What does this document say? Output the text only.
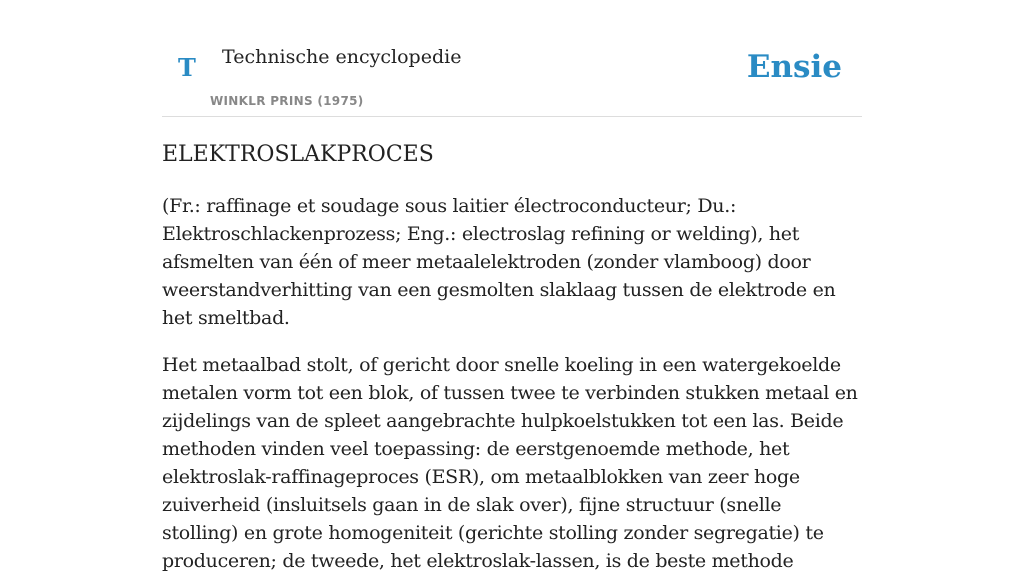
T Technische encyclopedie
WINKLR PRINS (1975)
Ensie
ELEKTROSLAKPROCES

(Fr.: raffinage et soudage sous laitier électroconducteur; Du.: Elektroschlackenprozess; Eng.: electroslag refining or welding), het afsmelten van één of meer metaalelektroden (zonder vlamboog) door weerstandverhitting van een gesmolten slaklaag tussen de elektrode en het smeltbad.

Het metaalbad stolt, of gericht door snelle koeling in een watergekoelde metalen vorm tot een blok, of tussen twee te verbinden stukken metaal en zijdelings van de spleet aangebrachte hulpkoelstukken tot een las. Beide methoden vinden veel toepassing: de eerstgenoemde methode, het elektroslak-raffinageproces (ESR), om metaalblokken van zeer hoge zuiverheid (insluitsels gaan in de slak over), fijne structuur (snelle stolling) en grote homogeniteit (gerichte stolling zonder segregatie) te produceren; de tweede, het elektroslak-lassen, is de beste methode
